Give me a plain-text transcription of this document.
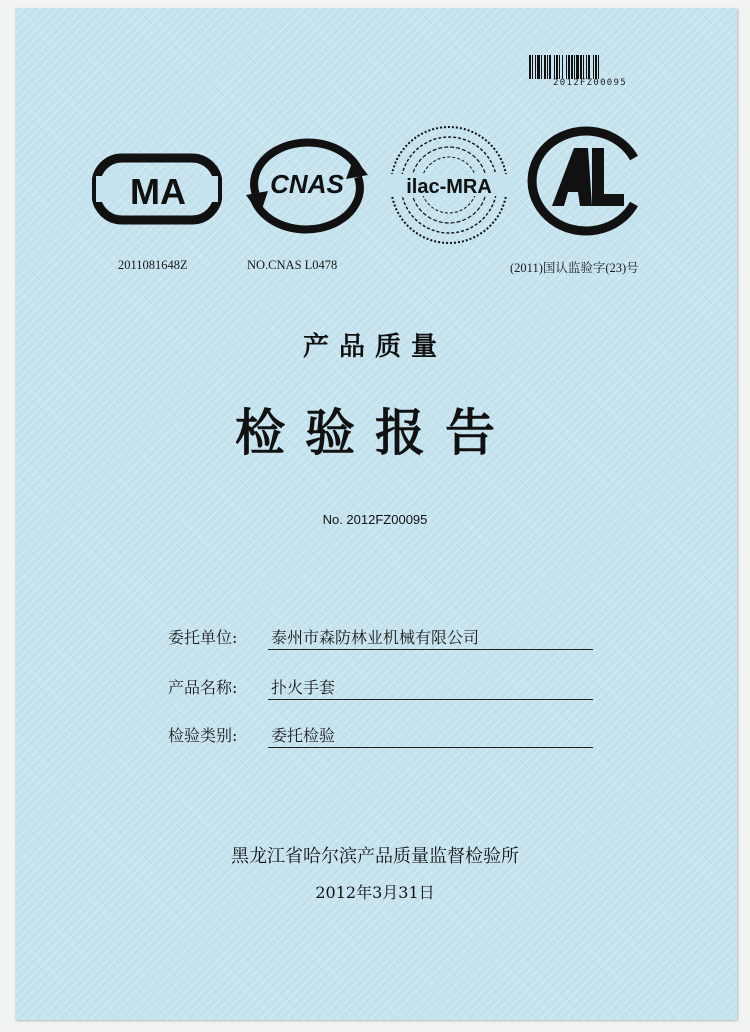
2012FZ00095
MA	CNAS	ilac-MRA
AL
2011081648Z	NO.CNAS L0478	(2011)国认监验字(23)号
产品质量
检验报告
No. 2012FZ00095
委托单位: 泰州市森防林业机械有限公司
产品名称: 扑火手套
检验类别: 委托检验
黑龙江省哈尔滨产品质量监督检验所
2012年3月31日
